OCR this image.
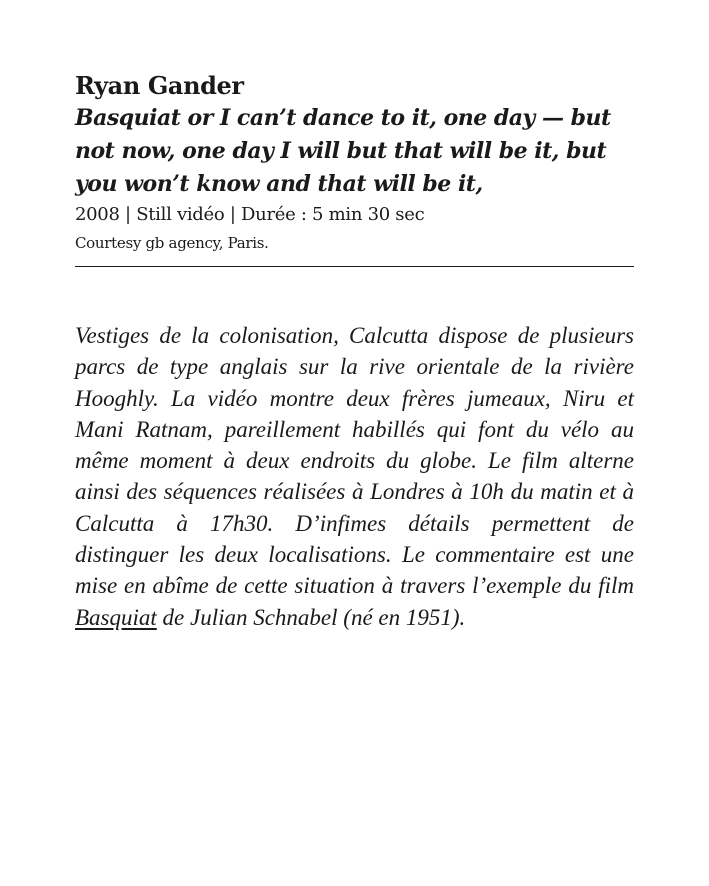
Ryan Gander
Basquiat or I can’t dance to it, one day — but not now, one day I will but that will be it, but you won’t know and that will be it,

2008 | Still vidéo | Durée : 5 min 30 sec

Courtesy gb agency, Paris.

Vestiges de la colonisation, Calcutta dispose de plusieurs parcs de type anglais sur la rive orientale de la rivière Hooghly. La vidéo montre deux frères jumeaux, Niru et Mani Ratnam, pareillement habillés qui font du vélo au même moment à deux endroits du globe. Le film alterne ainsi des séquences réalisées à Londres à 10h du matin et à Calcutta à 17h30. D’infimes détails permettent de distinguer les deux localisations. Le commentaire est une mise en abîme de cette situation à travers l’exemple du film Basquiat de Julian Schnabel (né en 1951).
